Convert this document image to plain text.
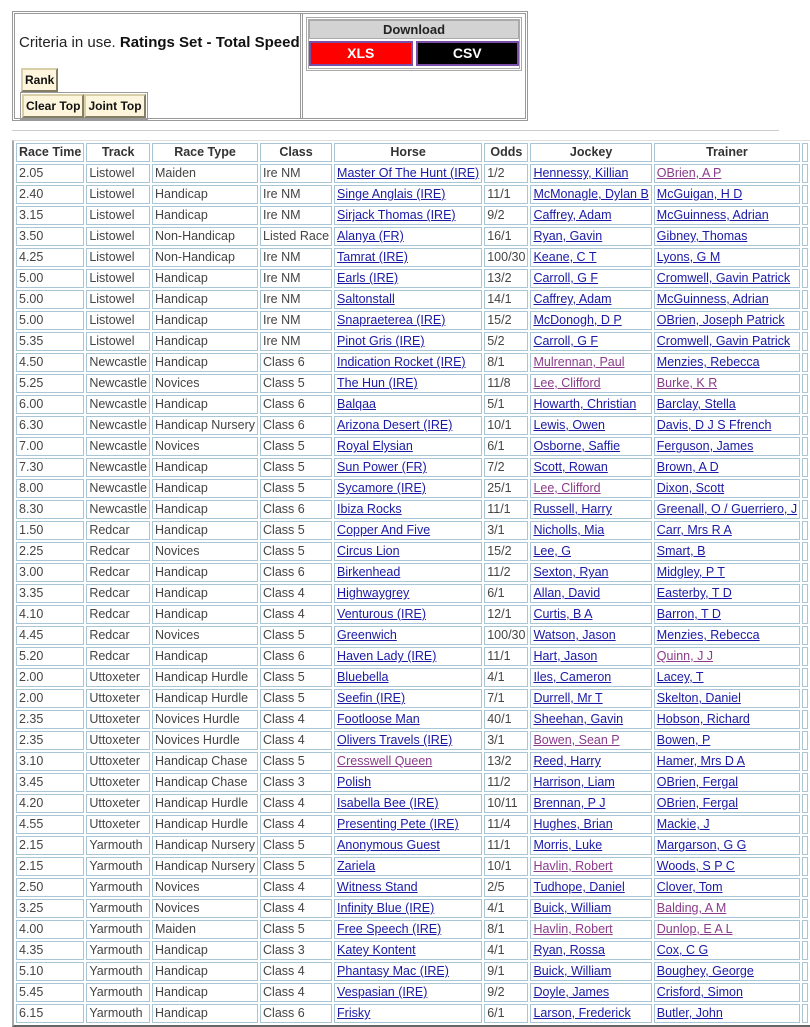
Criteria in use. Ratings Set - Total Speed
Rank
Clear Top Joint Top
Download
XLS	CSV
Race Time	Track	Race Type	Class	Horse	Odds	Jockey	Trainer	
2.05	Listowel	Maiden	Ire NM	Master Of The Hunt (IRE)	1/2	Hennessy, Killian	OBrien, A P	
2.40	Listowel	Handicap	Ire NM	Singe Anglais (IRE)	11/1	McMonagle, Dylan B	McGuigan, H D	
3.15	Listowel	Handicap	Ire NM	Sirjack Thomas (IRE)	9/2	Caffrey, Adam	McGuinness, Adrian	
3.50	Listowel	Non-Handicap	Listed Race	Alanya (FR)	16/1	Ryan, Gavin	Gibney, Thomas	
4.25	Listowel	Non-Handicap	Ire NM	Tamrat (IRE)	100/30	Keane, C T	Lyons, G M	
5.00	Listowel	Handicap	Ire NM	Earls (IRE)	13/2	Carroll, G F	Cromwell, Gavin Patrick	
5.00	Listowel	Handicap	Ire NM	Saltonstall	14/1	Caffrey, Adam	McGuinness, Adrian	
5.00	Listowel	Handicap	Ire NM	Snapraeterea (IRE)	15/2	McDonogh, D P	OBrien, Joseph Patrick	
5.35	Listowel	Handicap	Ire NM	Pinot Gris (IRE)	5/2	Carroll, G F	Cromwell, Gavin Patrick	
4.50	Newcastle	Handicap	Class 6	Indication Rocket (IRE)	8/1	Mulrennan, Paul	Menzies, Rebecca	
5.25	Newcastle	Novices	Class 5	The Hun (IRE)	11/8	Lee, Clifford	Burke, K R	
6.00	Newcastle	Handicap	Class 6	Balqaa	5/1	Howarth, Christian	Barclay, Stella	
6.30	Newcastle	Handicap Nursery	Class 6	Arizona Desert (IRE)	10/1	Lewis, Owen	Davis, D J S Ffrench	
7.00	Newcastle	Novices	Class 5	Royal Elysian	6/1	Osborne, Saffie	Ferguson, James	
7.30	Newcastle	Handicap	Class 5	Sun Power (FR)	7/2	Scott, Rowan	Brown, A D	
8.00	Newcastle	Handicap	Class 5	Sycamore (IRE)	25/1	Lee, Clifford	Dixon, Scott	
8.30	Newcastle	Handicap	Class 6	Ibiza Rocks	11/1	Russell, Harry	Greenall, O / Guerriero, J	
1.50	Redcar	Handicap	Class 5	Copper And Five	3/1	Nicholls, Mia	Carr, Mrs R A	
2.25	Redcar	Novices	Class 5	Circus Lion	15/2	Lee, G	Smart, B	
3.00	Redcar	Handicap	Class 6	Birkenhead	11/2	Sexton, Ryan	Midgley, P T	
3.35	Redcar	Handicap	Class 4	Highwaygrey	6/1	Allan, David	Easterby, T D	
4.10	Redcar	Handicap	Class 4	Venturous (IRE)	12/1	Curtis, B A	Barron, T D	
4.45	Redcar	Novices	Class 5	Greenwich	100/30	Watson, Jason	Menzies, Rebecca	
5.20	Redcar	Handicap	Class 6	Haven Lady (IRE)	11/1	Hart, Jason	Quinn, J J	
2.00	Uttoxeter	Handicap Hurdle	Class 5	Bluebella	4/1	Iles, Cameron	Lacey, T	
2.00	Uttoxeter	Handicap Hurdle	Class 5	Seefin (IRE)	7/1	Durrell, Mr T	Skelton, Daniel	
2.35	Uttoxeter	Novices Hurdle	Class 4	Footloose Man	40/1	Sheehan, Gavin	Hobson, Richard	
2.35	Uttoxeter	Novices Hurdle	Class 4	Olivers Travels (IRE)	3/1	Bowen, Sean P	Bowen, P	
3.10	Uttoxeter	Handicap Chase	Class 5	Cresswell Queen	13/2	Reed, Harry	Hamer, Mrs D A	
3.45	Uttoxeter	Handicap Chase	Class 3	Polish	11/2	Harrison, Liam	OBrien, Fergal	
4.20	Uttoxeter	Handicap Hurdle	Class 4	Isabella Bee (IRE)	10/11	Brennan, P J	OBrien, Fergal	
4.55	Uttoxeter	Handicap Hurdle	Class 4	Presenting Pete (IRE)	11/4	Hughes, Brian	Mackie, J	
2.15	Yarmouth	Handicap Nursery	Class 5	Anonymous Guest	11/1	Morris, Luke	Margarson, G G	
2.15	Yarmouth	Handicap Nursery	Class 5	Zariela	10/1	Havlin, Robert	Woods, S P C	
2.50	Yarmouth	Novices	Class 4	Witness Stand	2/5	Tudhope, Daniel	Clover, Tom	
3.25	Yarmouth	Novices	Class 4	Infinity Blue (IRE)	4/1	Buick, William	Balding, A M	
4.00	Yarmouth	Maiden	Class 5	Free Speech (IRE)	8/1	Havlin, Robert	Dunlop, E A L	
4.35	Yarmouth	Handicap	Class 3	Katey Kontent	4/1	Ryan, Rossa	Cox, C G	
5.10	Yarmouth	Handicap	Class 4	Phantasy Mac (IRE)	9/1	Buick, William	Boughey, George	
5.45	Yarmouth	Handicap	Class 4	Vespasian (IRE)	9/2	Doyle, James	Crisford, Simon	
6.15	Yarmouth	Handicap	Class 6	Frisky	6/1	Larson, Frederick	Butler, John	
